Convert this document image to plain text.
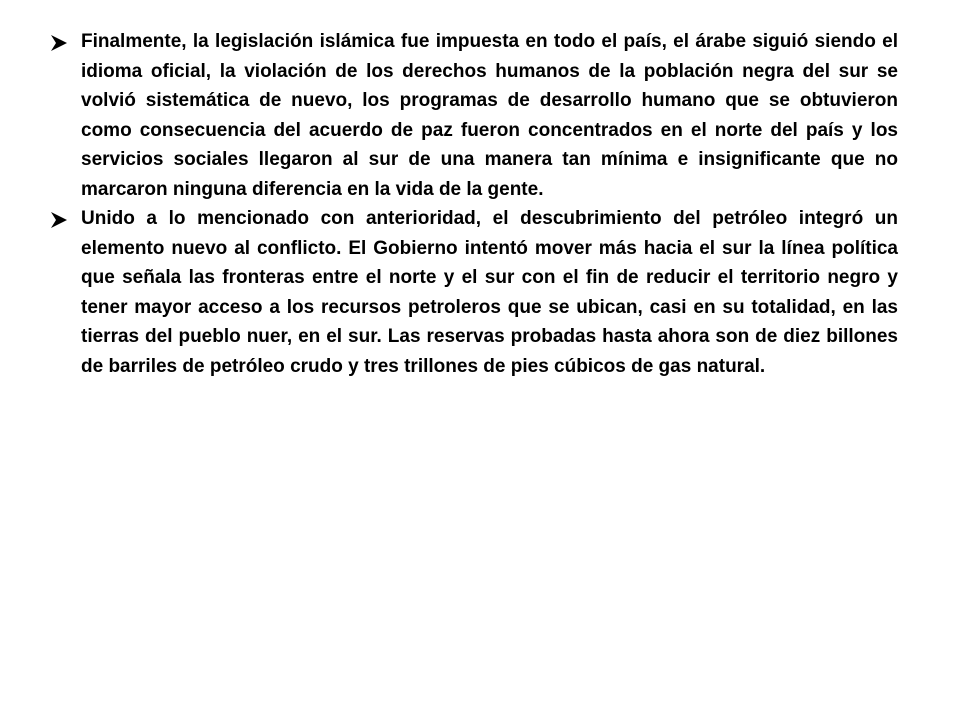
Finalmente, la legislación islámica fue impuesta en todo el país, el árabe siguió siendo el idioma oficial, la violación de los derechos humanos de la población negra del sur se volvió sistemática de nuevo, los programas de desarrollo humano que se obtuvieron como consecuencia del acuerdo de paz fueron concentrados en el norte del país y los servicios sociales llegaron al sur de una manera tan mínima e insignificante que no marcaron ninguna diferencia en la vida de la gente.

Unido a lo mencionado con anterioridad, el descubrimiento del petróleo integró un elemento nuevo al conflicto. El Gobierno intentó mover más hacia el sur la línea política que señala las fronteras entre el norte y el sur con el fin de reducir el territorio negro y tener mayor acceso a los recursos petroleros que se ubican, casi en su totalidad, en las tierras del pueblo nuer, en el sur. Las reservas probadas hasta ahora son de diez billones de barriles de petróleo crudo y tres trillones de pies cúbicos de gas natural.
